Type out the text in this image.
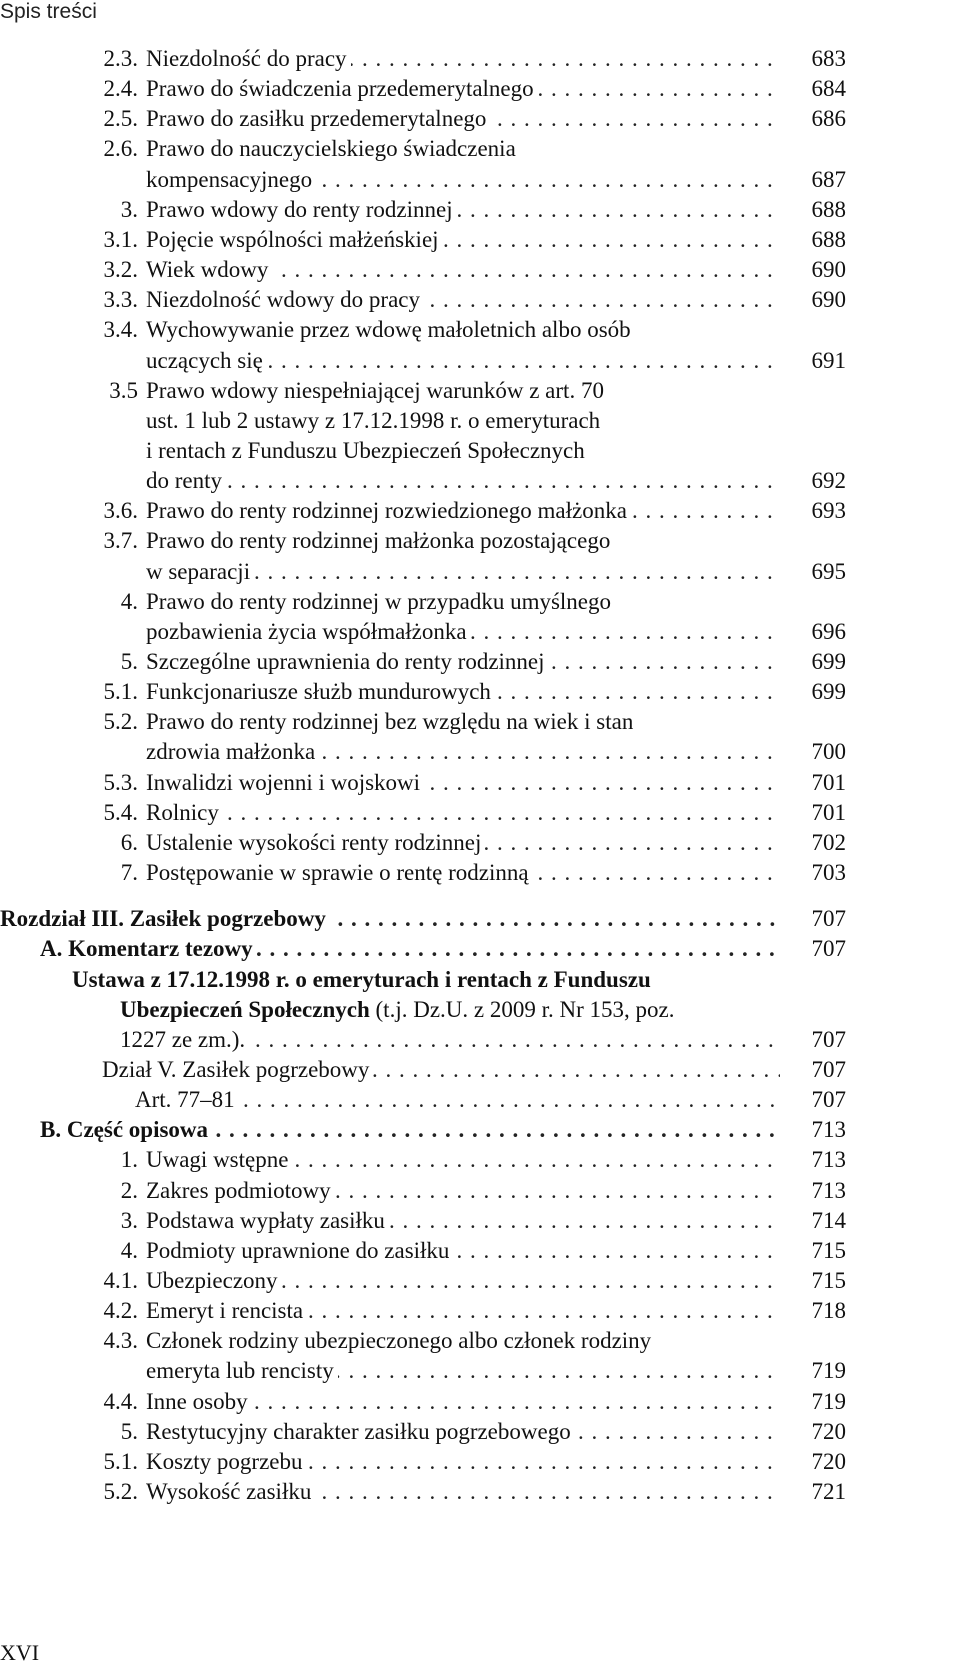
Spis treści
2.3. Niezdolność do pracy . . .	683
2.4. Prawo do świadczenia przedemerytalnego . . .	684
2.5. Prawo do zasiłku przedemerytalnego . . .	686
2.6. Prawo do nauczycielskiego świadczenia
kompensacyjnego . . .	687
3. Prawo wdowy do renty rodzinnej . . .	688
3.1. Pojęcie wspólności małżeńskiej . . .	688
3.2. Wiek wdowy . . .	690
3.3. Niezdolność wdowy do pracy . . .	690
3.4. Wychowywanie przez wdowę małoletnich albo osób
uczących się . . .	691
3.5 Prawo wdowy niespełniającej warunków z art. 70
ust. 1 lub 2 ustawy z 17.12.1998 r. o emeryturach
i rentach z Funduszu Ubezpieczeń Społecznych
do renty . . .	692
3.6. Prawo do renty rodzinnej rozwiedzionego małżonka . . .	693
3.7. Prawo do renty rodzinnej małżonka pozostającego
w separacji . . .	695
4. Prawo do renty rodzinnej w przypadku umyślnego
pozbawienia życia współmałżonka . . .	696
5. Szczególne uprawnienia do renty rodzinnej . . .	699
5.1. Funkcjonariusze służb mundurowych . . .	699
5.2. Prawo do renty rodzinnej bez względu na wiek i stan
zdrowia małżonka . . .	700
5.3. Inwalidzi wojenni i wojskowi . . .	701
5.4. Rolnicy . . .	701
6. Ustalenie wysokości renty rodzinnej . . .	702
7. Postępowanie w sprawie o rentę rodzinną . . .	703
Rozdział III. Zasiłek pogrzebowy . . .	707
A. Komentarz tezowy . . .	707
Ustawa z 17.12.1998 r. o emeryturach i rentach z Funduszu
Ubezpieczeń Społecznych (t.j. Dz.U. z 2009 r. Nr 153, poz.
1227 ze zm.). . . .	707
Dział V. Zasiłek pogrzebowy . . .	707
Art. 77–81 . . .	707
B. Część opisowa . . .	713
1. Uwagi wstępne . . .	713
2. Zakres podmiotowy . . .	713
3. Podstawa wypłaty zasiłku . . .	714
4. Podmioty uprawnione do zasiłku . . .	715
4.1. Ubezpieczony . . .	715
4.2. Emeryt i rencista . . .	718
4.3. Członek rodziny ubezpieczonego albo członek rodziny
emeryta lub rencisty . . .	719
4.4. Inne osoby . . .	719
5. Restytucyjny charakter zasiłku pogrzebowego . . .	720
5.1. Koszty pogrzebu . . .	720
5.2. Wysokość zasiłku . . .	721
XVI
